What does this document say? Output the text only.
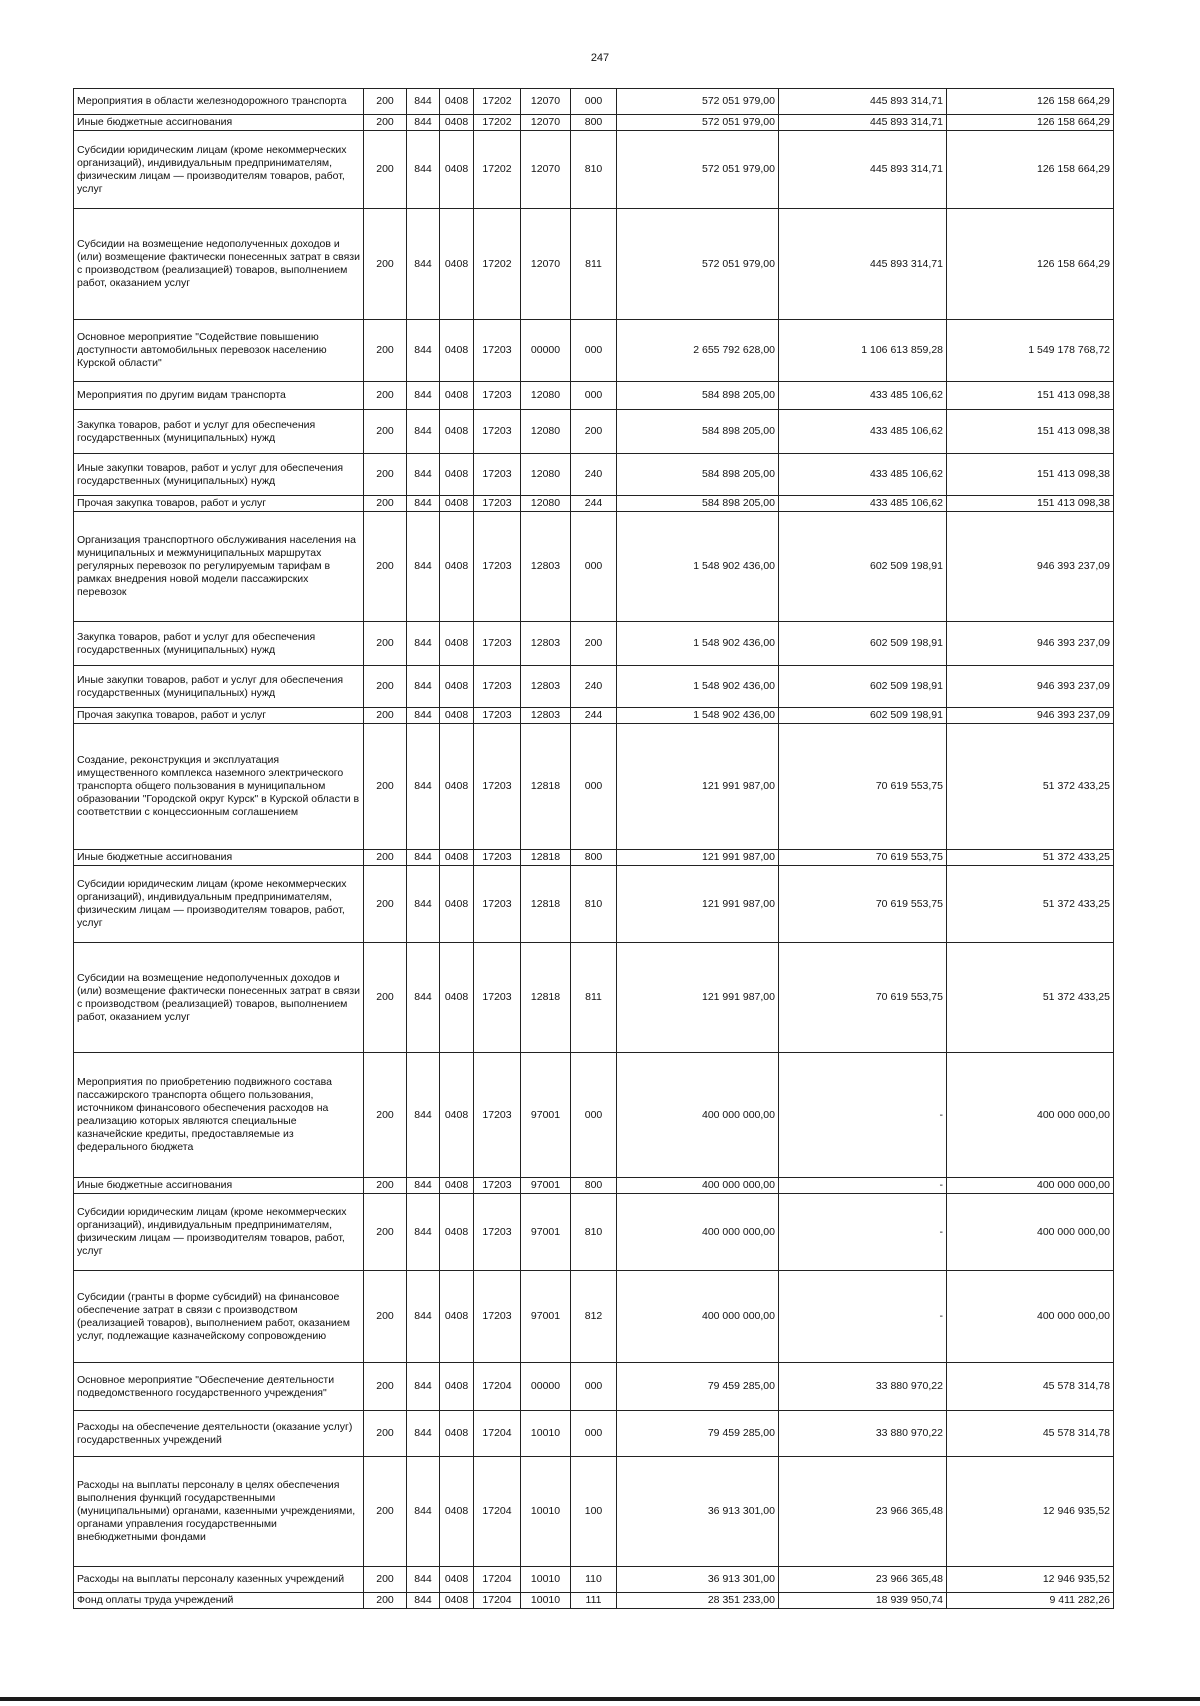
247
Мероприятия в области железнодорожного транспорта	200	844	0408	17202	12070	000	572 051 979,00	445 893 314,71	126 158 664,29
Иные бюджетные ассигнования	200	844	0408	17202	12070	800	572 051 979,00	445 893 314,71	126 158 664,29
Субсидии юридическим лицам (кроме некоммерческих организаций), индивидуальным предпринимателям, физическим лицам — производителям товаров, работ, услуг	200	844	0408	17202	12070	810	572 051 979,00	445 893 314,71	126 158 664,29
Субсидии на возмещение недополученных доходов и (или) возмещение фактически понесенных затрат в связи с производством (реализацией) товаров, выполнением работ, оказанием услуг	200	844	0408	17202	12070	811	572 051 979,00	445 893 314,71	126 158 664,29
Основное мероприятие "Содействие повышению доступности автомобильных перевозок населению Курской области"	200	844	0408	17203	00000	000	2 655 792 628,00	1 106 613 859,28	1 549 178 768,72
Мероприятия по другим видам транспорта	200	844	0408	17203	12080	000	584 898 205,00	433 485 106,62	151 413 098,38
Закупка товаров, работ и услуг для обеспечения государственных (муниципальных) нужд	200	844	0408	17203	12080	200	584 898 205,00	433 485 106,62	151 413 098,38
Иные закупки товаров, работ и услуг для обеспечения государственных (муниципальных) нужд	200	844	0408	17203	12080	240	584 898 205,00	433 485 106,62	151 413 098,38
Прочая закупка товаров, работ и услуг	200	844	0408	17203	12080	244	584 898 205,00	433 485 106,62	151 413 098,38
Организация транспортного обслуживания населения на муниципальных и межмуниципальных маршрутах регулярных перевозок по регулируемым тарифам в рамках внедрения новой модели пассажирских перевозок	200	844	0408	17203	12803	000	1 548 902 436,00	602 509 198,91	946 393 237,09
Закупка товаров, работ и услуг для обеспечения государственных (муниципальных) нужд	200	844	0408	17203	12803	200	1 548 902 436,00	602 509 198,91	946 393 237,09
Иные закупки товаров, работ и услуг для обеспечения государственных (муниципальных) нужд	200	844	0408	17203	12803	240	1 548 902 436,00	602 509 198,91	946 393 237,09
Прочая закупка товаров, работ и услуг	200	844	0408	17203	12803	244	1 548 902 436,00	602 509 198,91	946 393 237,09
Создание, реконструкция и эксплуатация имущественного комплекса наземного электрического транспорта общего пользования в муниципальном образовании "Городской округ Курск" в Курской области в соответствии с концессионным соглашением	200	844	0408	17203	12818	000	121 991 987,00	70 619 553,75	51 372 433,25
Иные бюджетные ассигнования	200	844	0408	17203	12818	800	121 991 987,00	70 619 553,75	51 372 433,25
Субсидии юридическим лицам (кроме некоммерческих организаций), индивидуальным предпринимателям, физическим лицам — производителям товаров, работ, услуг	200	844	0408	17203	12818	810	121 991 987,00	70 619 553,75	51 372 433,25
Субсидии на возмещение недополученных доходов и (или) возмещение фактически понесенных затрат в связи с производством (реализацией) товаров, выполнением работ, оказанием услуг	200	844	0408	17203	12818	811	121 991 987,00	70 619 553,75	51 372 433,25
Мероприятия по приобретению подвижного состава пассажирского транспорта общего пользования, источником финансового обеспечения расходов на реализацию которых являются специальные казначейские кредиты, предоставляемые из федерального бюджета	200	844	0408	17203	97001	000	400 000 000,00	-	400 000 000,00
Иные бюджетные ассигнования	200	844	0408	17203	97001	800	400 000 000,00	-	400 000 000,00
Субсидии юридическим лицам (кроме некоммерческих организаций), индивидуальным предпринимателям, физическим лицам — производителям товаров, работ, услуг	200	844	0408	17203	97001	810	400 000 000,00	-	400 000 000,00
Субсидии (гранты в форме субсидий) на финансовое обеспечение затрат в связи с производством (реализацией товаров), выполнением работ, оказанием услуг, подлежащие казначейскому сопровождению	200	844	0408	17203	97001	812	400 000 000,00	-	400 000 000,00
Основное мероприятие "Обеспечение деятельности подведомственного государственного учреждения"	200	844	0408	17204	00000	000	79 459 285,00	33 880 970,22	45 578 314,78
Расходы на обеспечение деятельности (оказание услуг) государственных учреждений	200	844	0408	17204	10010	000	79 459 285,00	33 880 970,22	45 578 314,78
Расходы на выплаты персоналу в целях обеспечения выполнения функций государственными (муниципальными) органами, казенными учреждениями, органами управления государственными внебюджетными фондами	200	844	0408	17204	10010	100	36 913 301,00	23 966 365,48	12 946 935,52
Расходы на выплаты персоналу казенных учреждений	200	844	0408	17204	10010	110	36 913 301,00	23 966 365,48	12 946 935,52
Фонд оплаты труда учреждений	200	844	0408	17204	10010	111	28 351 233,00	18 939 950,74	9 411 282,26
